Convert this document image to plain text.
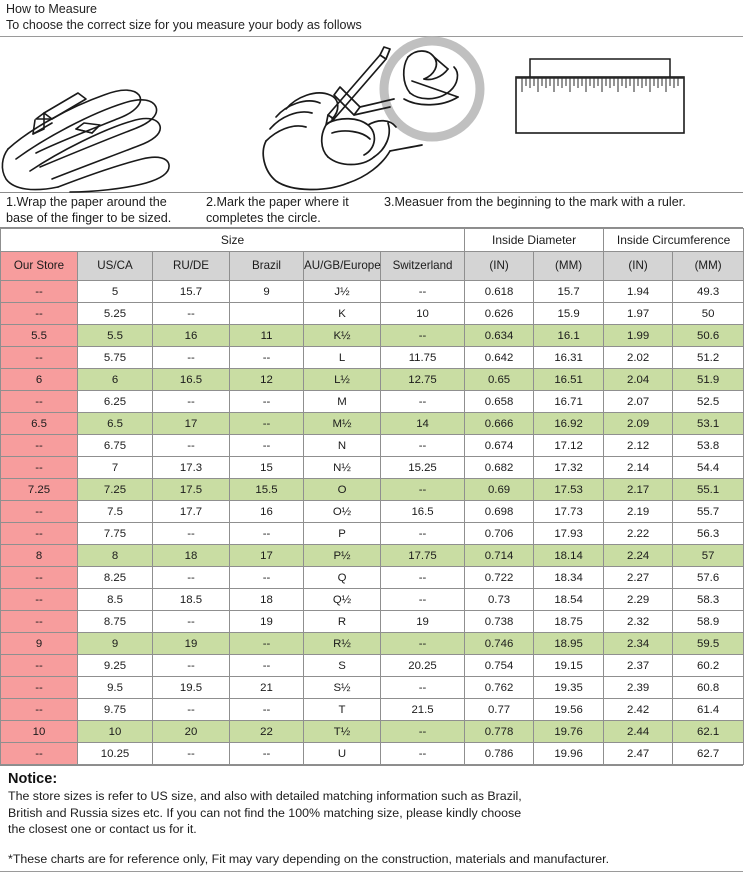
How to Measure
To choose the correct size for you measure your body as follows
1.Wrap the paper around the base of the finger to be sized.
2.Mark the paper where it completes the circle.
3.Measuer from the beginning to the mark with a ruler.
Size						Inside Diameter		Inside Circumference	
Our Store	US/CA	RU/DE	Brazil	AU/GB/Europe	Switzerland	(IN)	(MM)	(IN)	(MM)
--	5	15.7	9	J½	--	0.618	15.7	1.94	49.3
--	5.25	--		K	10	0.626	15.9	1.97	50
5.5	5.5	16	11	K½	--	0.634	16.1	1.99	50.6
--	5.75	--	--	L	11.75	0.642	16.31	2.02	51.2
6	6	16.5	12	L½	12.75	0.65	16.51	2.04	51.9
--	6.25	--	--	M	--	0.658	16.71	2.07	52.5
6.5	6.5	17	--	M½	14	0.666	16.92	2.09	53.1
--	6.75	--	--	N	--	0.674	17.12	2.12	53.8
--	7	17.3	15	N½	15.25	0.682	17.32	2.14	54.4
7.25	7.25	17.5	15.5	O	--	0.69	17.53	2.17	55.1
--	7.5	17.7	16	O½	16.5	0.698	17.73	2.19	55.7
--	7.75	--	--	P	--	0.706	17.93	2.22	56.3
8	8	18	17	P½	17.75	0.714	18.14	2.24	57
--	8.25	--	--	Q	--	0.722	18.34	2.27	57.6
--	8.5	18.5	18	Q½	--	0.73	18.54	2.29	58.3
--	8.75	--	19	R	19	0.738	18.75	2.32	58.9
9	9	19	--	R½	--	0.746	18.95	2.34	59.5
--	9.25	--	--	S	20.25	0.754	19.15	2.37	60.2
--	9.5	19.5	21	S½	--	0.762	19.35	2.39	60.8
--	9.75	--	--	T	21.5	0.77	19.56	2.42	61.4
10	10	20	22	T½	--	0.778	19.76	2.44	62.1
--	10.25	--	--	U	--	0.786	19.96	2.47	62.7
Notice:
The store sizes is refer to US size, and also with detailed matching information such as Brazil,
British and Russia sizes etc. If you can not find the 100% matching size, please kindly choose
the closest one or contact us for it.
*These charts are for reference only, Fit may vary depending on the construction, materials and manufacturer.
